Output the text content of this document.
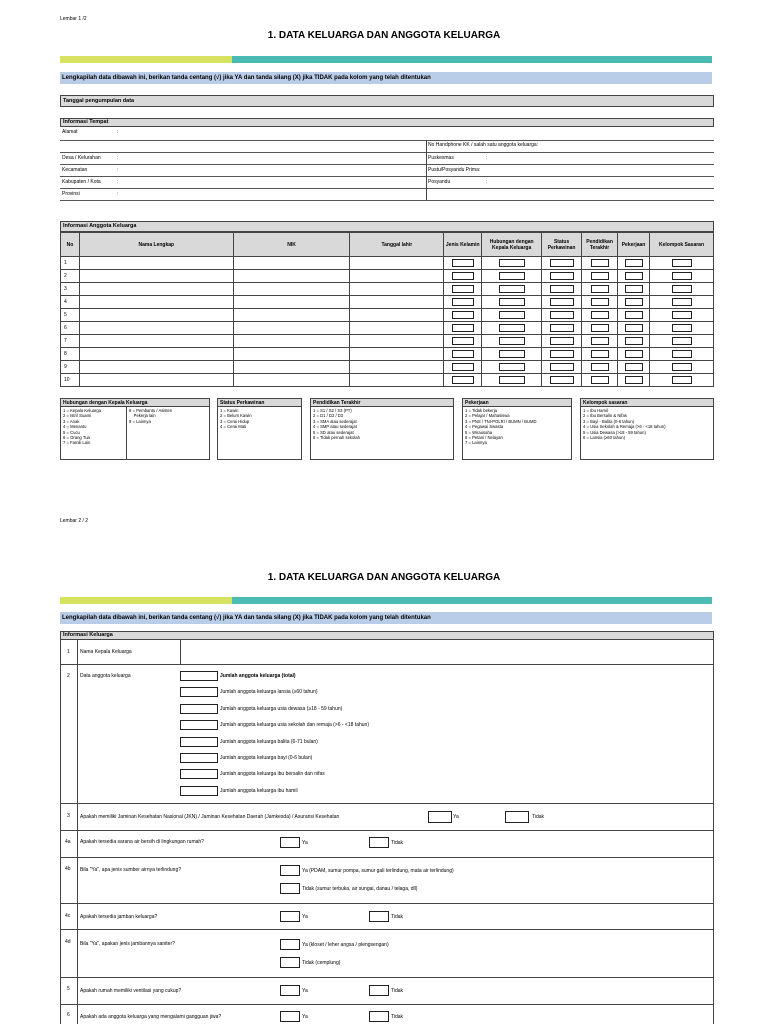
Lembar 1 /2
1. DATA KELUARGA DAN ANGGOTA KELUARGA
Lengkapilah data dibawah ini, berikan tanda centang (√) jika YA dan tanda silang (X) jika TIDAK pada kolom yang telah ditentukan
Tanggal pengumpulan data
Informasi Tempat
Alamat	:
No Handphone KK / salah satu anggota keluarga:
Desa / Kelurahan	:	Puskesmas	:
Kecamatan	:	Pustu/Posyandu Prima:
Kabupaten / Kota	:	Posyandu	:
Provinsi	:
Informasi Anggota Keluarga
No	Nama Lengkap	NIK	Tanggal lahir	Jenis Kelamin	Hubungan dengan Kepala Keluarga	Status Perkawinan	Pendidikan Terakhir	Pekerjaan	Kelompok Sasaran
1									
2									
3									
4									
5									
6									
7									
8									
9									
10									
Hubungan dengan Kepala Keluarga
1 = Kepala Keluarga
2 = Istri/ Suami
3 = Anak
4 = Menantu
5 = Cucu
6 = Orang Tua
7 = Famili Lain
8 = Pembantu / Asisten
Pekerja lain
9 = Lainnya
Status Perkawinan
1 = Kawin
2 = Belum Kawin
3 = Cerai Hidup
4 = Cerai Mati
Pendidikan Terakhir
1 = S1 / S2 / S3 (PT)
2 = D1 / D2 / D3
3 = SMA atau sederajat
4 = SMP atau sederajat
5 = SD atau sederajat
6 = Tidak pernah sekolah
Pekerjaan
1 = Tidak bekerja
2 = Pelajar / Mahasiswa
3 = PNS / TNI-POLRI / BUMN / BUMD
4 = Pegawai Swasta
5 = Wirausaha
6 = Petani / Nelayan
7 = Lainnya
Kelompok sasaran
1 = Ibu Hamil
2 = Ibu Bersalin & Nifas
3 = Bayi - Balita (0-6 tahun)
4 = Usia Sekolah & Remaja (>6 - <18 tahun)
5 = Usia Dewasa (>18 - 59 tahun)
6 = Lansia (≥60 tahun)
Lembar 2 / 2
1. DATA KELUARGA DAN ANGGOTA KELUARGA
Lengkapilah data dibawah ini, berikan tanda centang (√) jika YA dan tanda silang (X) jika TIDAK pada kolom yang telah ditentukan
Informasi Keluarga
1 Nama Kepala Keluarga
2 Data anggota keluarga	Jumlah anggota keluarga (total)
Jumlah anggota keluarga lansia (≥60 tahun)
Jumlah anggota keluarga usia dewasa (≥18 - 59 tahun)
Jumlah anggota keluarga usia sekolah dan remaja (>6 - <18 tahun)
Jumlah anggota keluarga balita (6-71 bulan)
Jumlah anggota keluarga bayi (0-6 bulan)
Jumlah anggota keluarga ibu bersalin dan nifas
Jumlah anggota keluarga ibu hamil
3 Apakah memiliki Jaminan Kesehatan Nasional (JKN) / Jaminan Kesehatan Daerah (Jamkesda) / Asuransi Kesehatan	Ya	Tidak
4a Apakah tersedia sarana air bersih di lingkungan rumah?	Ya	Tidak
4b Bila "Ya", apa jenis sumber airnya terlindung?	Ya (PDAM, sumur pompa, sumur gali terlindung, mata air terlindung)
Tidak (sumur terbuka, air sungai, danau / telaga, dll)
4c Apakah tersedia jamban keluarga?	Ya	Tidak
4d Bila "Ya", apakan jenis jambannya saniter?	Ya (kloset / leher angsa / plengsengan)
Tidak (cemplung)
5 Apakah rumah memiliki ventilasi yang cukup?	Ya	Tidak
6 Apakah ada anggota keluarga yang mengalami gangguan jiwa?	Ya	Tidak
